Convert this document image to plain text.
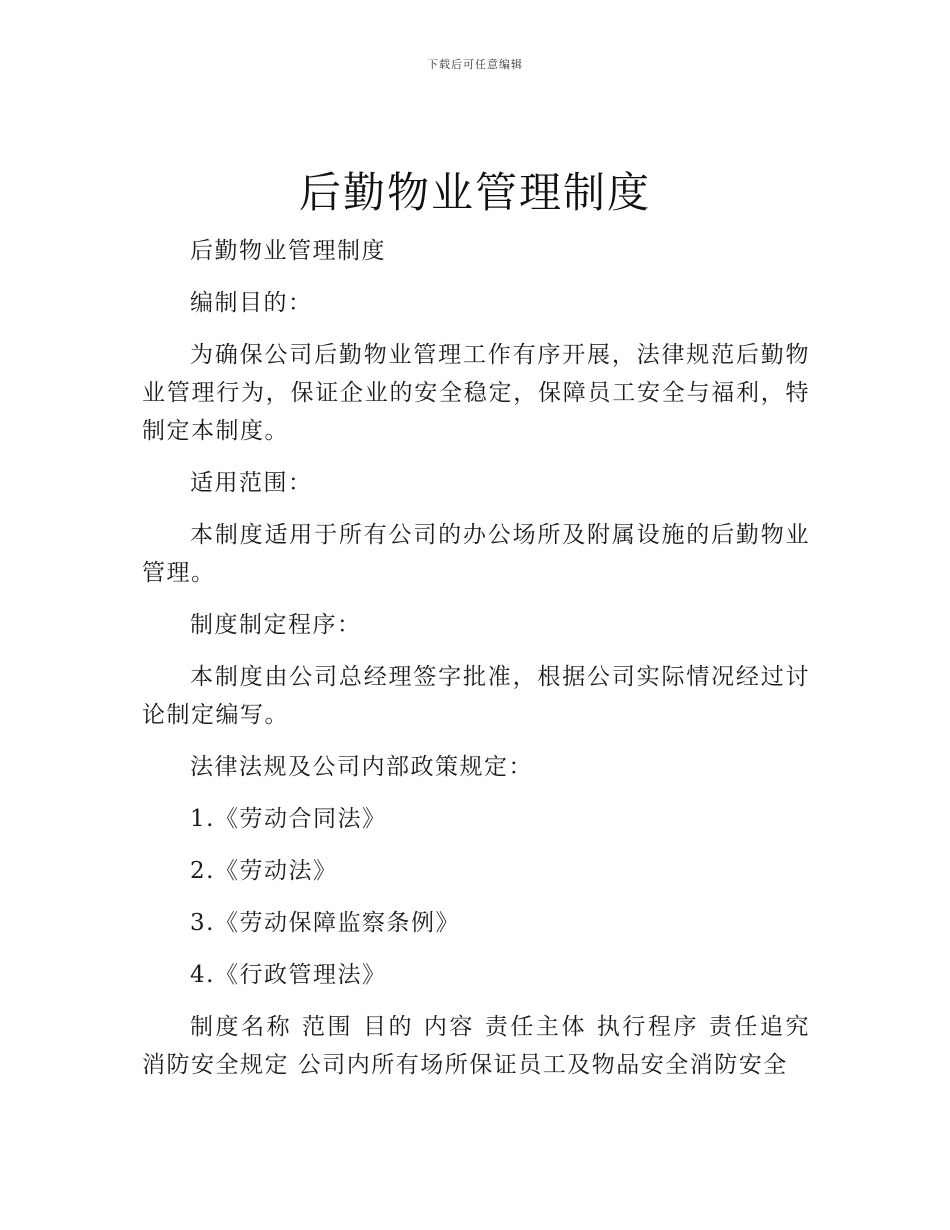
下载后可任意编辑
后勤物业管理制度

后勤物业管理制度

编制目的：

为确保公司后勤物业管理工作有序开展，法律规范后勤物业管理行为，保证企业的安全稳定，保障员工安全与福利，特制定本制度。

适用范围：

本制度适用于所有公司的办公场所及附属设施的后勤物业管理。

制度制定程序：

本制度由公司总经理签字批准，根据公司实际情况经过讨论制定编写。

法律法规及公司内部政策规定：

1.《劳动合同法》

2.《劳动法》

3.《劳动保障监察条例》

4.《行政管理法》

制度名称 范围 目的 内容 责任主体 执行程序 责任追究 消防安全规定 公司内所有场所保证员工及物品安全消防安全
